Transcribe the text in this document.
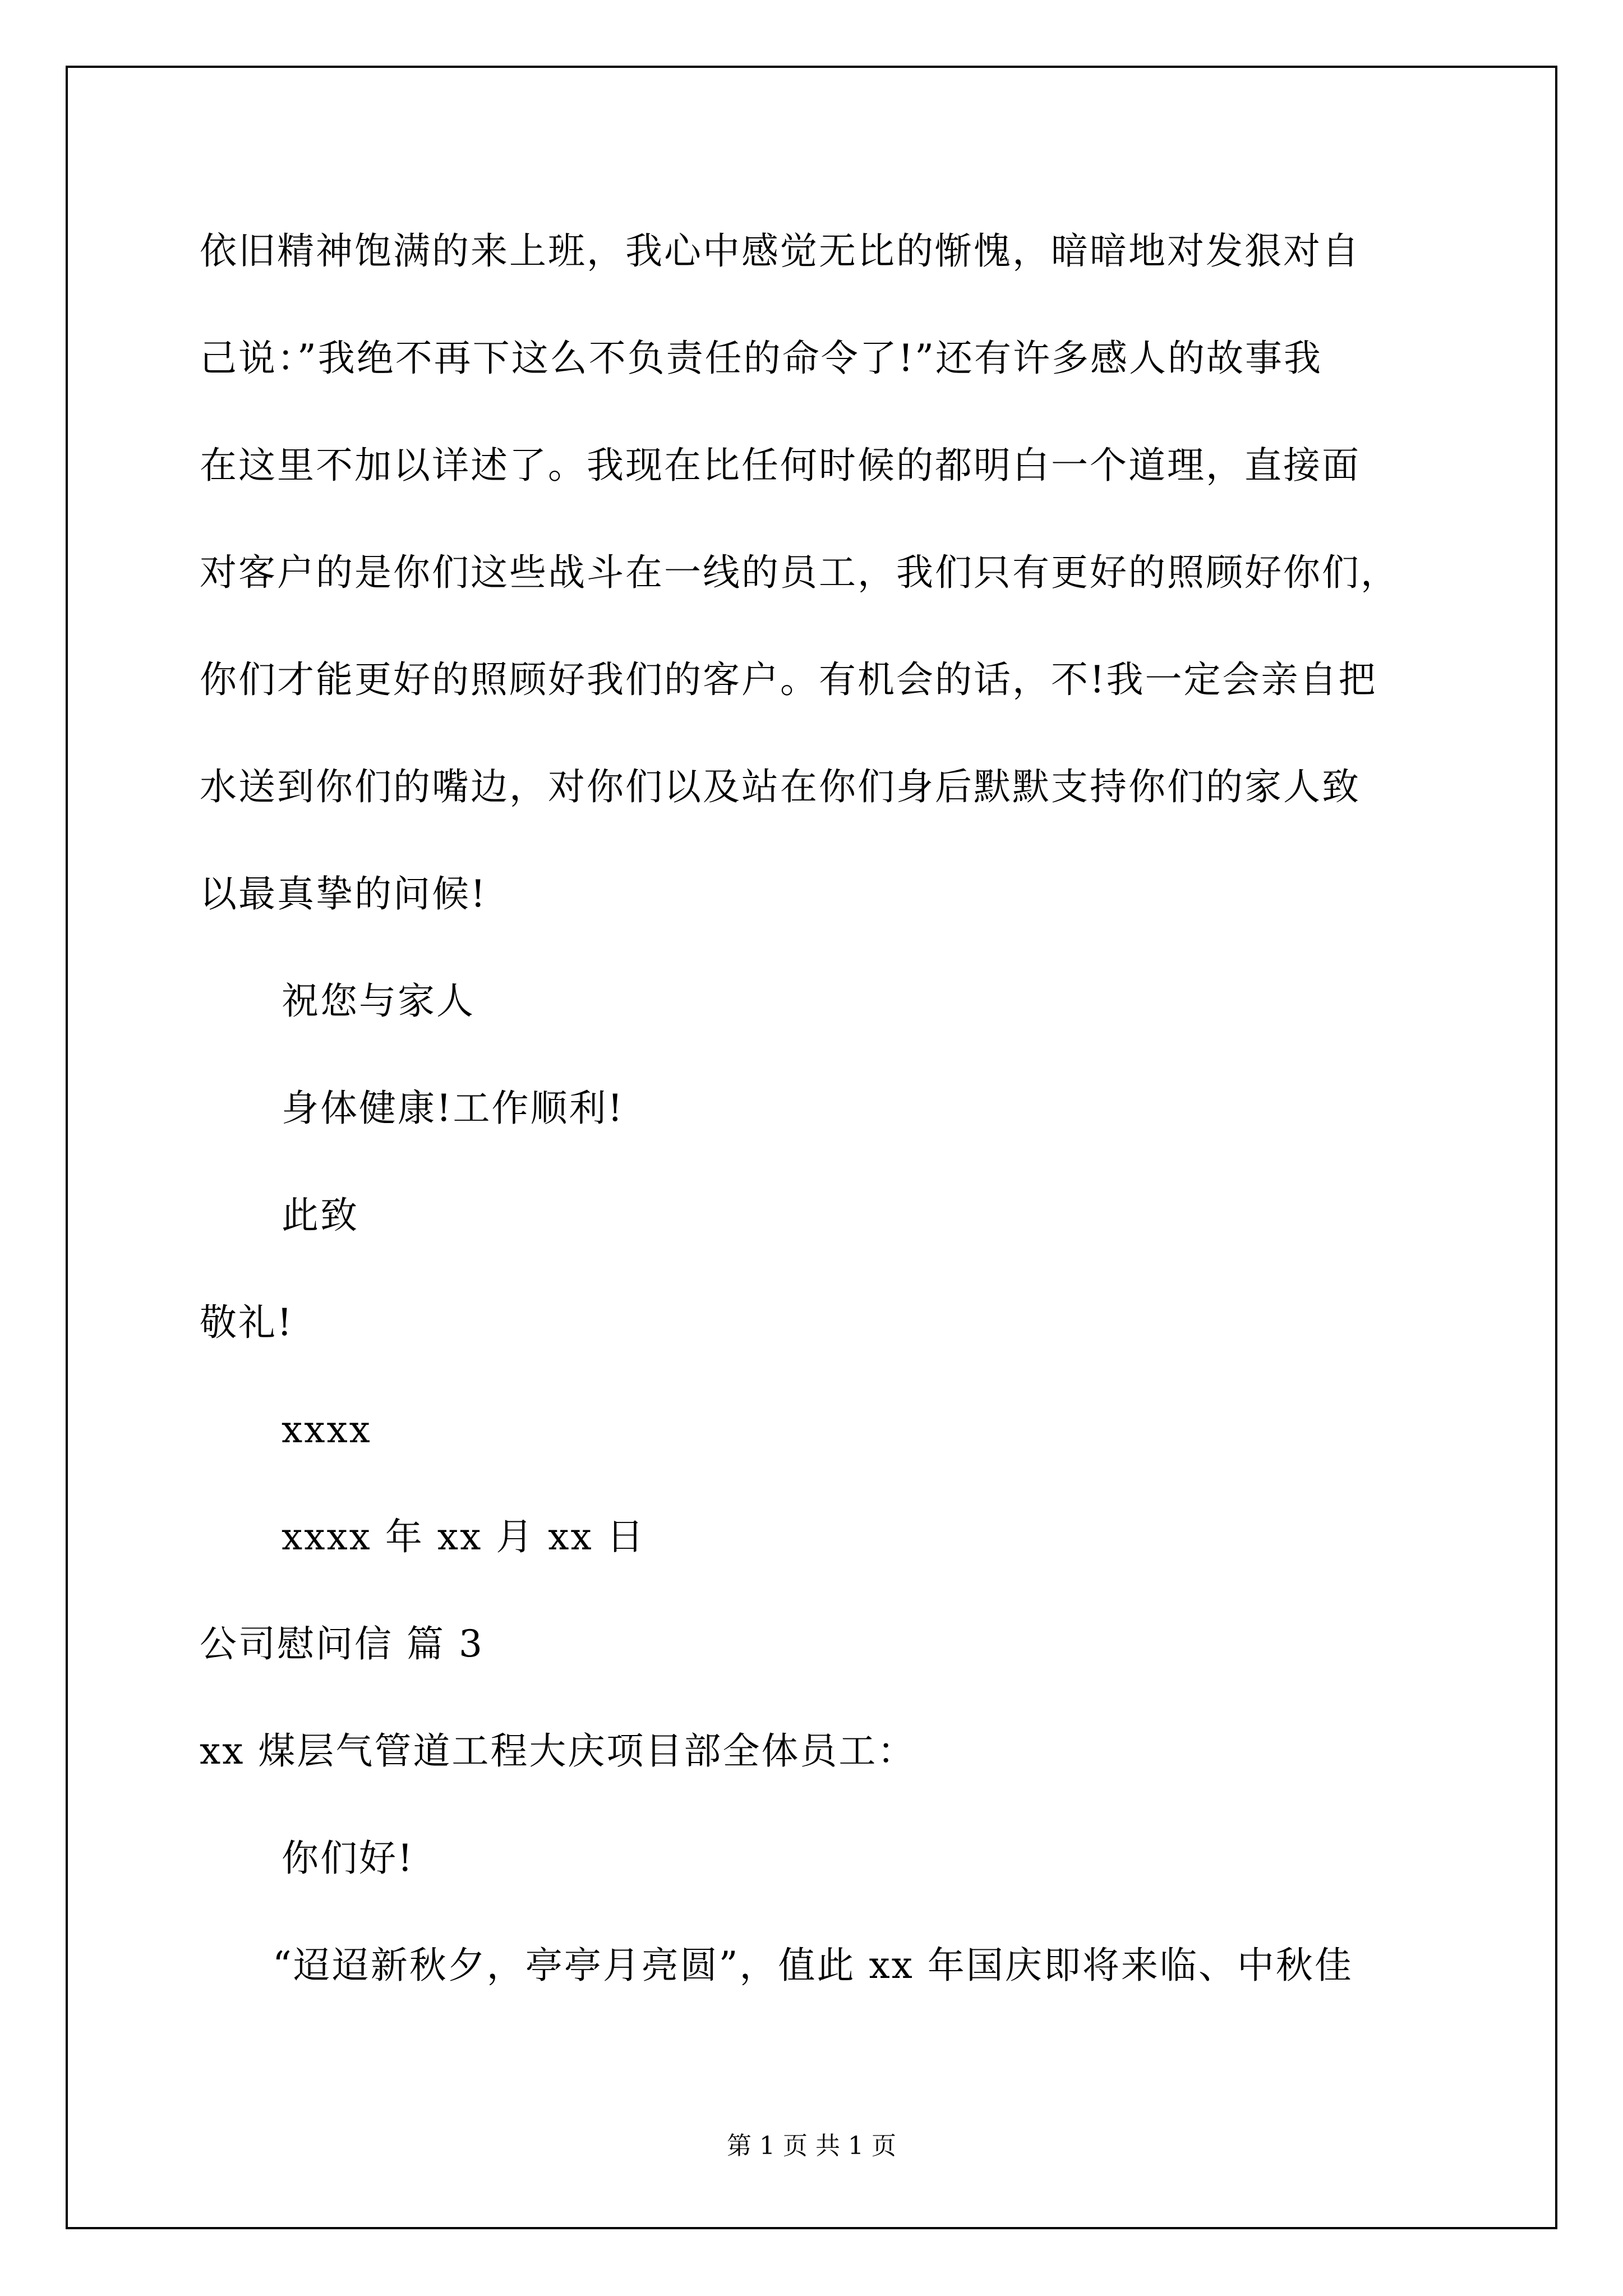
依旧精神饱满的来上班，我心中感觉无比的惭愧，暗暗地对发狠对自
己说：”我绝不再下这么不负责任的命令了!”还有许多感人的故事我
在这里不加以详述了。我现在比任何时候的都明白一个道理，直接面
对客户的是你们这些战斗在一线的员工，我们只有更好的照顾好你们，
你们才能更好的照顾好我们的客户。有机会的话，不!我一定会亲自把
水送到你们的嘴边，对你们以及站在你们身后默默支持你们的家人致
以最真挚的问候!
祝您与家人
身体健康!工作顺利!
此致
敬礼!
xxxx
xxxx 年 xx 月 xx 日
公司慰问信 篇 3
xx 煤层气管道工程大庆项目部全体员工：
你们好!
“迢迢新秋夕，亭亭月亮圆”，值此 xx 年国庆即将来临、中秋佳
第 1 页 共 1 页
